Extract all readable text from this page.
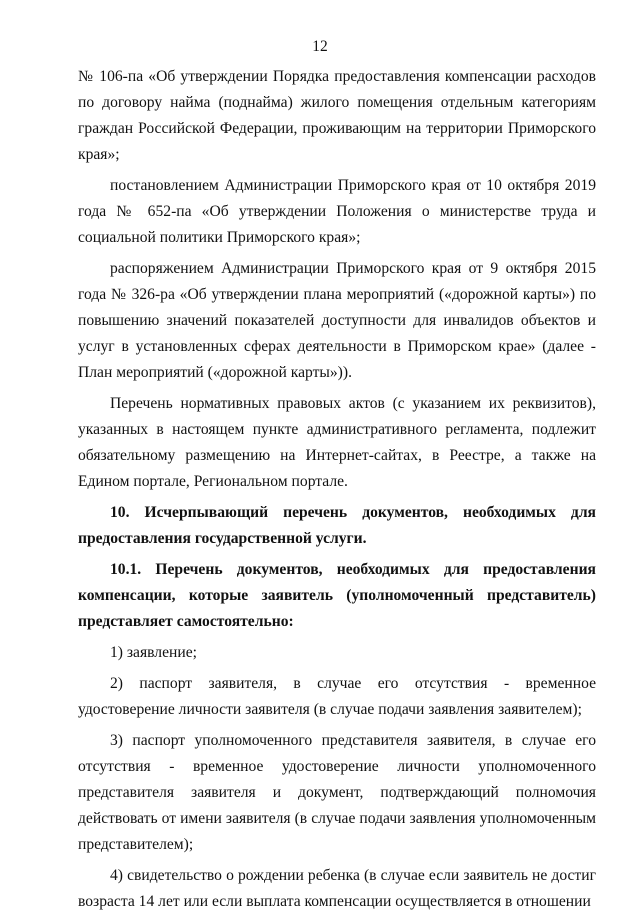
12

№ 106-па «Об утверждении Порядка предоставления компенсации расходов по договору найма (поднайма) жилого помещения отдельным категориям граждан Российской Федерации, проживающим на территории Приморского края»;

постановлением Администрации Приморского края от 10 октября 2019 года № 652-па «Об утверждении Положения о министерстве труда и социальной политики Приморского края»;

распоряжением Администрации Приморского края от 9 октября 2015 года № 326-ра «Об утверждении плана мероприятий («дорожной карты») по повышению значений показателей доступности для инвалидов объектов и услуг в установленных сферах деятельности в Приморском крае» (далее - План мероприятий («дорожной карты»)).

Перечень нормативных правовых актов (с указанием их реквизитов), указанных в настоящем пункте административного регламента, подлежит обязательному размещению на Интернет-сайтах, в Реестре, а также на Едином портале, Региональном портале.

10. Исчерпывающий перечень документов, необходимых для предоставления государственной услуги.

10.1. Перечень документов, необходимых для предоставления компенсации, которые заявитель (уполномоченный представитель) представляет самостоятельно:

1) заявление;

2) паспорт заявителя, в случае его отсутствия - временное удостоверение личности заявителя (в случае подачи заявления заявителем);

3) паспорт уполномоченного представителя заявителя, в случае его отсутствия - временное удостоверение личности уполномоченного представителя заявителя и документ, подтверждающий полномочия действовать от имени заявителя (в случае подачи заявления уполномоченным представителем);

4) свидетельство о рождении ребенка (в случае если заявитель не достиг возраста 14 лет или если выплата компенсации осуществляется в отношении
